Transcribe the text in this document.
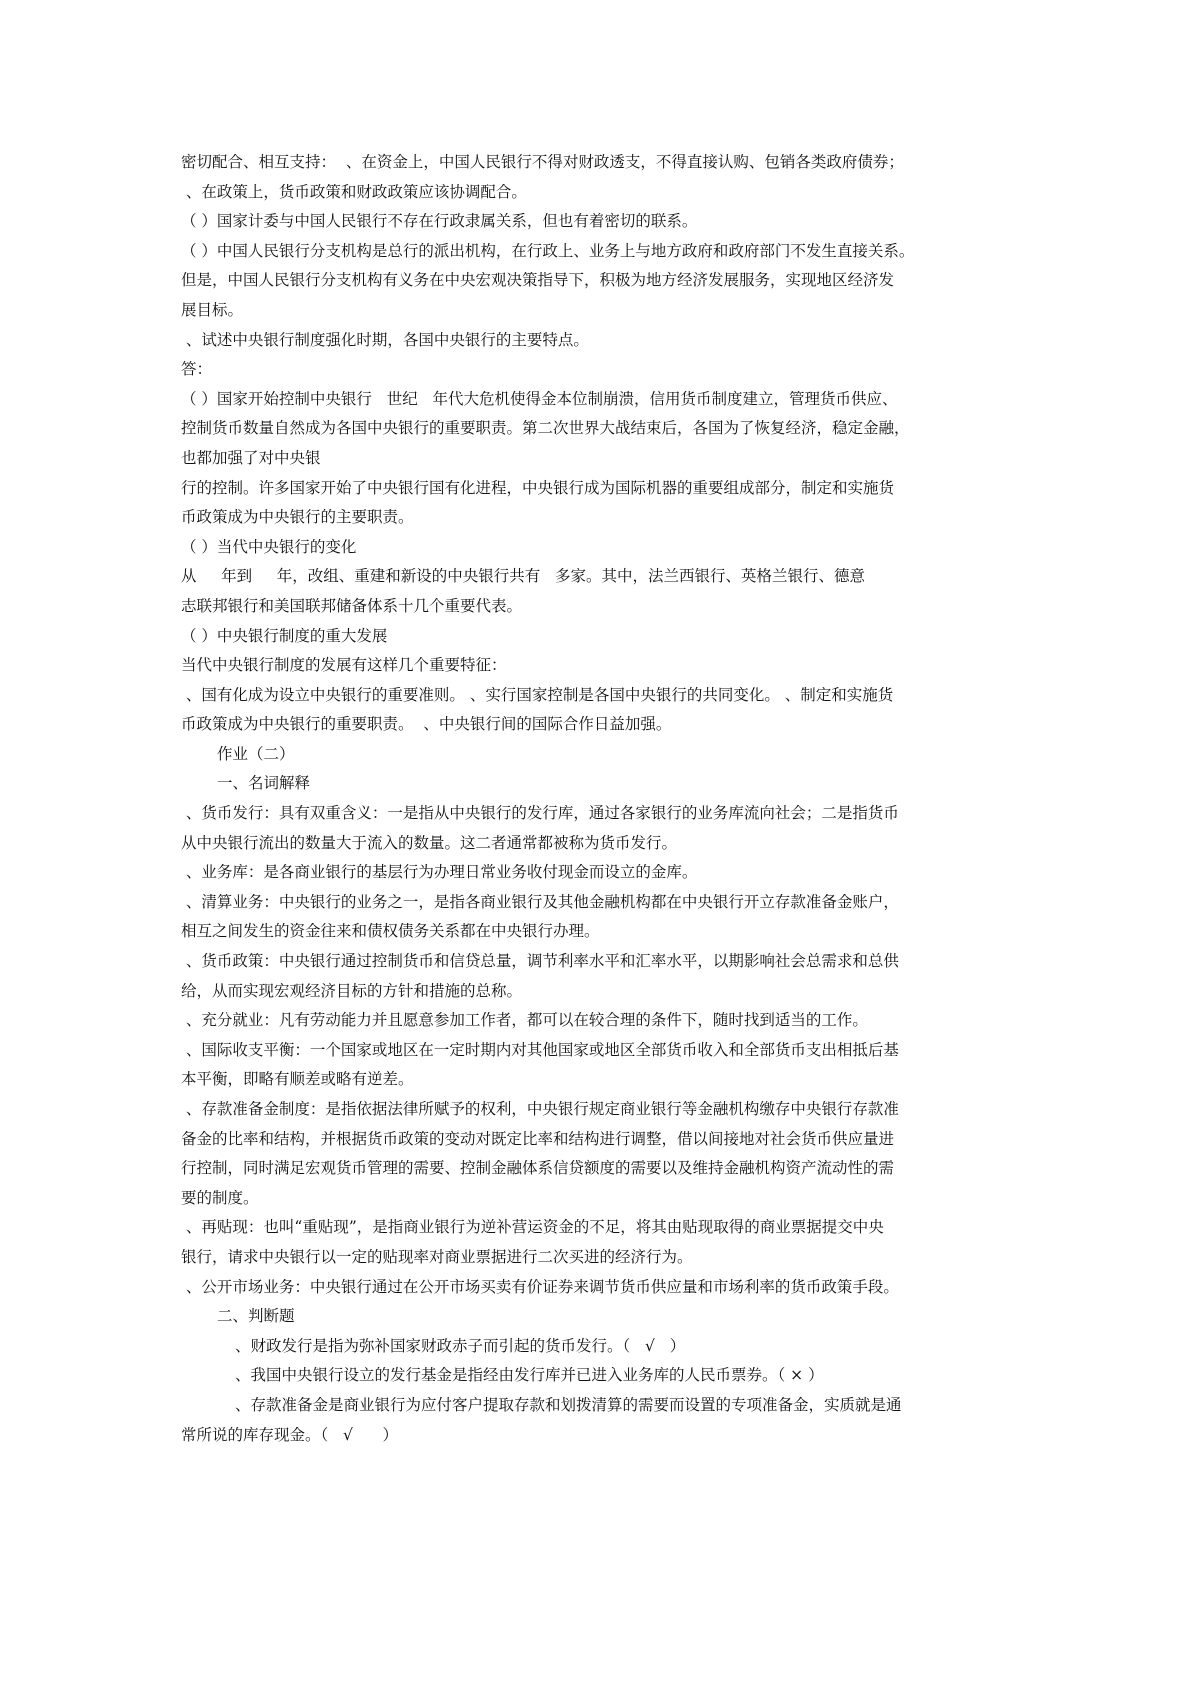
密切配合、相互支持：  、在资金上，中国人民银行不得对财政透支，不得直接认购、包销各类政府债券；
、在政策上，货币政策和财政政策应该协调配合。
（ ）国家计委与中国人民银行不存在行政隶属关系，但也有着密切的联系。
（ ）中国人民银行分支机构是总行的派出机构，在行政上、业务上与地方政府和政府部门不发生直接关系。
但是，中国人民银行分支机构有义务在中央宏观决策指导下，积极为地方经济发展服务，实现地区经济发
展目标。
、试述中央银行制度强化时期，各国中央银行的主要特点。
答：
（ ）国家开始控制中央银行   世纪   年代大危机使得金本位制崩溃，信用货币制度建立，管理货币供应、
控制货币数量自然成为各国中央银行的重要职责。第二次世界大战结束后，各国为了恢复经济，稳定金融，
也都加强了对中央银
行的控制。许多国家开始了中央银行国有化进程，中央银行成为国际机器的重要组成部分，制定和实施货
币政策成为中央银行的主要职责。
（ ）当代中央银行的变化
从     年到     年，改组、重建和新设的中央银行共有   多家。其中，法兰西银行、英格兰银行、德意
志联邦银行和美国联邦储备体系十几个重要代表。
（ ）中央银行制度的重大发展
当代中央银行制度的发展有这样几个重要特征：
、国有化成为设立中央银行的重要准则。 、实行国家控制是各国中央银行的共同变化。 、制定和实施货
币政策成为中央银行的重要职责。  、中央银行间的国际合作日益加强。
作业（二）
一、名词解释
、货币发行：具有双重含义：一是指从中央银行的发行库，通过各家银行的业务库流向社会；二是指货币
从中央银行流出的数量大于流入的数量。这二者通常都被称为货币发行。
、业务库：是各商业银行的基层行为办理日常业务收付现金而设立的金库。
、清算业务：中央银行的业务之一，是指各商业银行及其他金融机构都在中央银行开立存款准备金账户，
相互之间发生的资金往来和债权债务关系都在中央银行办理。
、货币政策：中央银行通过控制货币和信贷总量，调节利率水平和汇率水平，以期影响社会总需求和总供
给，从而实现宏观经济目标的方针和措施的总称。
、充分就业：凡有劳动能力并且愿意参加工作者，都可以在较合理的条件下，随时找到适当的工作。
、国际收支平衡：一个国家或地区在一定时期内对其他国家或地区全部货币收入和全部货币支出相抵后基
本平衡，即略有顺差或略有逆差。
、存款准备金制度：是指依据法律所赋予的权利，中央银行规定商业银行等金融机构缴存中央银行存款准
备金的比率和结构，并根据货币政策的变动对既定比率和结构进行调整，借以间接地对社会货币供应量进
行控制，同时满足宏观货币管理的需要、控制金融体系信贷额度的需要以及维持金融机构资产流动性的需
要的制度。
、再贴现：也叫“重贴现”，是指商业银行为逆补营运资金的不足，将其由贴现取得的商业票据提交中央
银行，请求中央银行以一定的贴现率对商业票据进行二次买进的经济行为。
、公开市场业务：中央银行通过在公开市场买卖有价证券来调节货币供应量和市场利率的货币政策手段。
二、判断题
、财政发行是指为弥补国家财政赤子而引起的货币发行。（   √   ）
、我国中央银行设立的发行基金是指经由发行库并已进入业务库的人民币票券。（ × ）
、存款准备金是商业银行为应付客户提取存款和划拨清算的需要而设置的专项准备金，实质就是通
常所说的库存现金。（   √      ）
